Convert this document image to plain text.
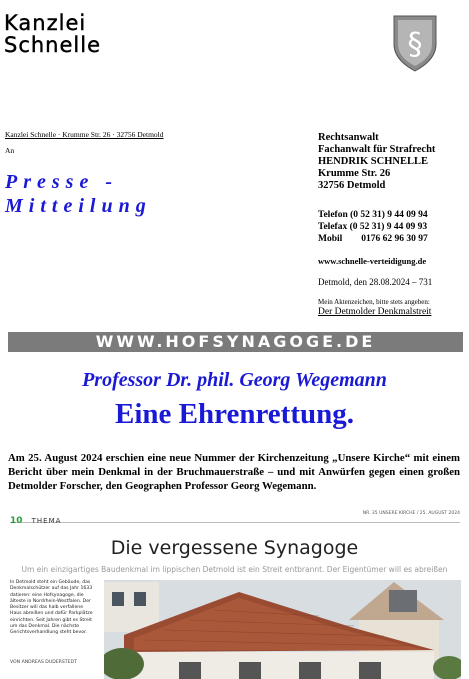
Kanzlei
Schnelle	§
Kanzlei Schnelle · Krumme Str. 26 · 32756 Detmold
An
Presse -
Mitteilung
Rechtsanwalt
Fachanwalt für Strafrecht
HENDRIK SCHNELLE
Krumme Str. 26
32756 Detmold
Telefon (0 52 31) 9 44 09 94
Telefax (0 52 31) 9 44 09 93
Mobil        0176 62 96 30 97
www.schnelle-verteidigung.de
Detmold, den 28.08.2024 – 731
Mein Aktenzeichen, bitte stets angeben:
Der Detmolder Denkmalstreit
WWW.HOFSYNAGOGE.DE
Professor Dr. phil. Georg Wegemann
Eine Ehrenrettung.
Am 25. August 2024 erschien eine neue Nummer der Kirchenzeitung „Unsere Kirche“ mit einem Bericht über mein Denkmal in der Bruchmauerstraße – und mit Anwürfen gegen einen großen Detmolder Forscher, den Geographen Professor Georg Wegemann.
10 THEMA
NR. 35 UNSERE KIRCHE / 25. AUGUST 2024
Die vergessene Synagoge
Um ein einzigartiges Baudenkmal im lippischen Detmold ist ein Streit entbrannt. Der Eigentümer will es abreißen
In Detmold steht ein Gebäude, das Denkmalschützer auf das Jahr 1633 datieren: eine Hofsynagoge, die älteste in Nordrhein-Westfalen. Der Besitzer will das halb verfallene Haus abreißen und dafür Parkplätze einrichten. Seit Jahren gibt es Streit um das Denkmal. Die nächste Gerichtsverhandlung steht bevor.
VON ANDREAS DUDERSTEDT
